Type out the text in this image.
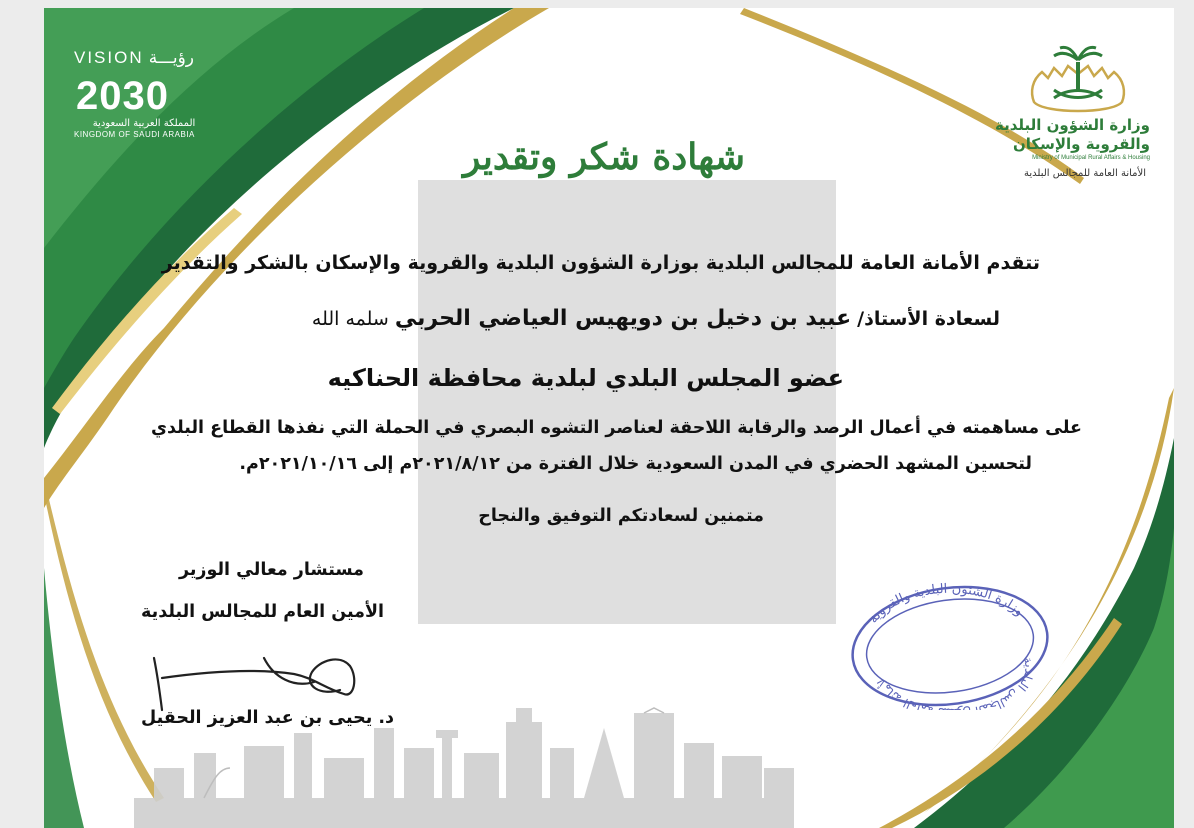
VISION رؤيـــة
2030
المملكة العربية السعودية
KINGDOM OF SAUDI ARABIA
وزارة الشؤون البلدية
والقروية والإسكان
Ministry of Municipal Rural Affairs & Housing
الأمانة العامة للمجالس البلدية
شهادة شكر وتقدير
تتقدم الأمانة العامة للمجالس البلدية بوزارة الشؤون البلدية والقروية والإسكان بالشكر والتقدير
لسعادة الأستاذ/ عبيد بن دخيل بن دويهيس العياضي الحربي سلمه الله
عضو المجلس البلدي لبلدية محافظة الحناكيه
على مساهمته في أعمال الرصد والرقابة اللاحقة لعناصر التشوه البصري في الحملة التي نفذها القطاع البلدي
لتحسين المشهد الحضري في المدن السعودية خلال الفترة من ٢٠٢١/٨/١٢م إلى ٢٠٢١/١٠/١٦م.
متمنين لسعادتكم التوفيق والنجاح
مستشار معالي الوزير
الأمين العام للمجالس البلدية
د. يحيى بن عبد العزيز الحقيل
وزارة الشئون البلدية والقروية
الأمانة العام لمجالس البلدية
